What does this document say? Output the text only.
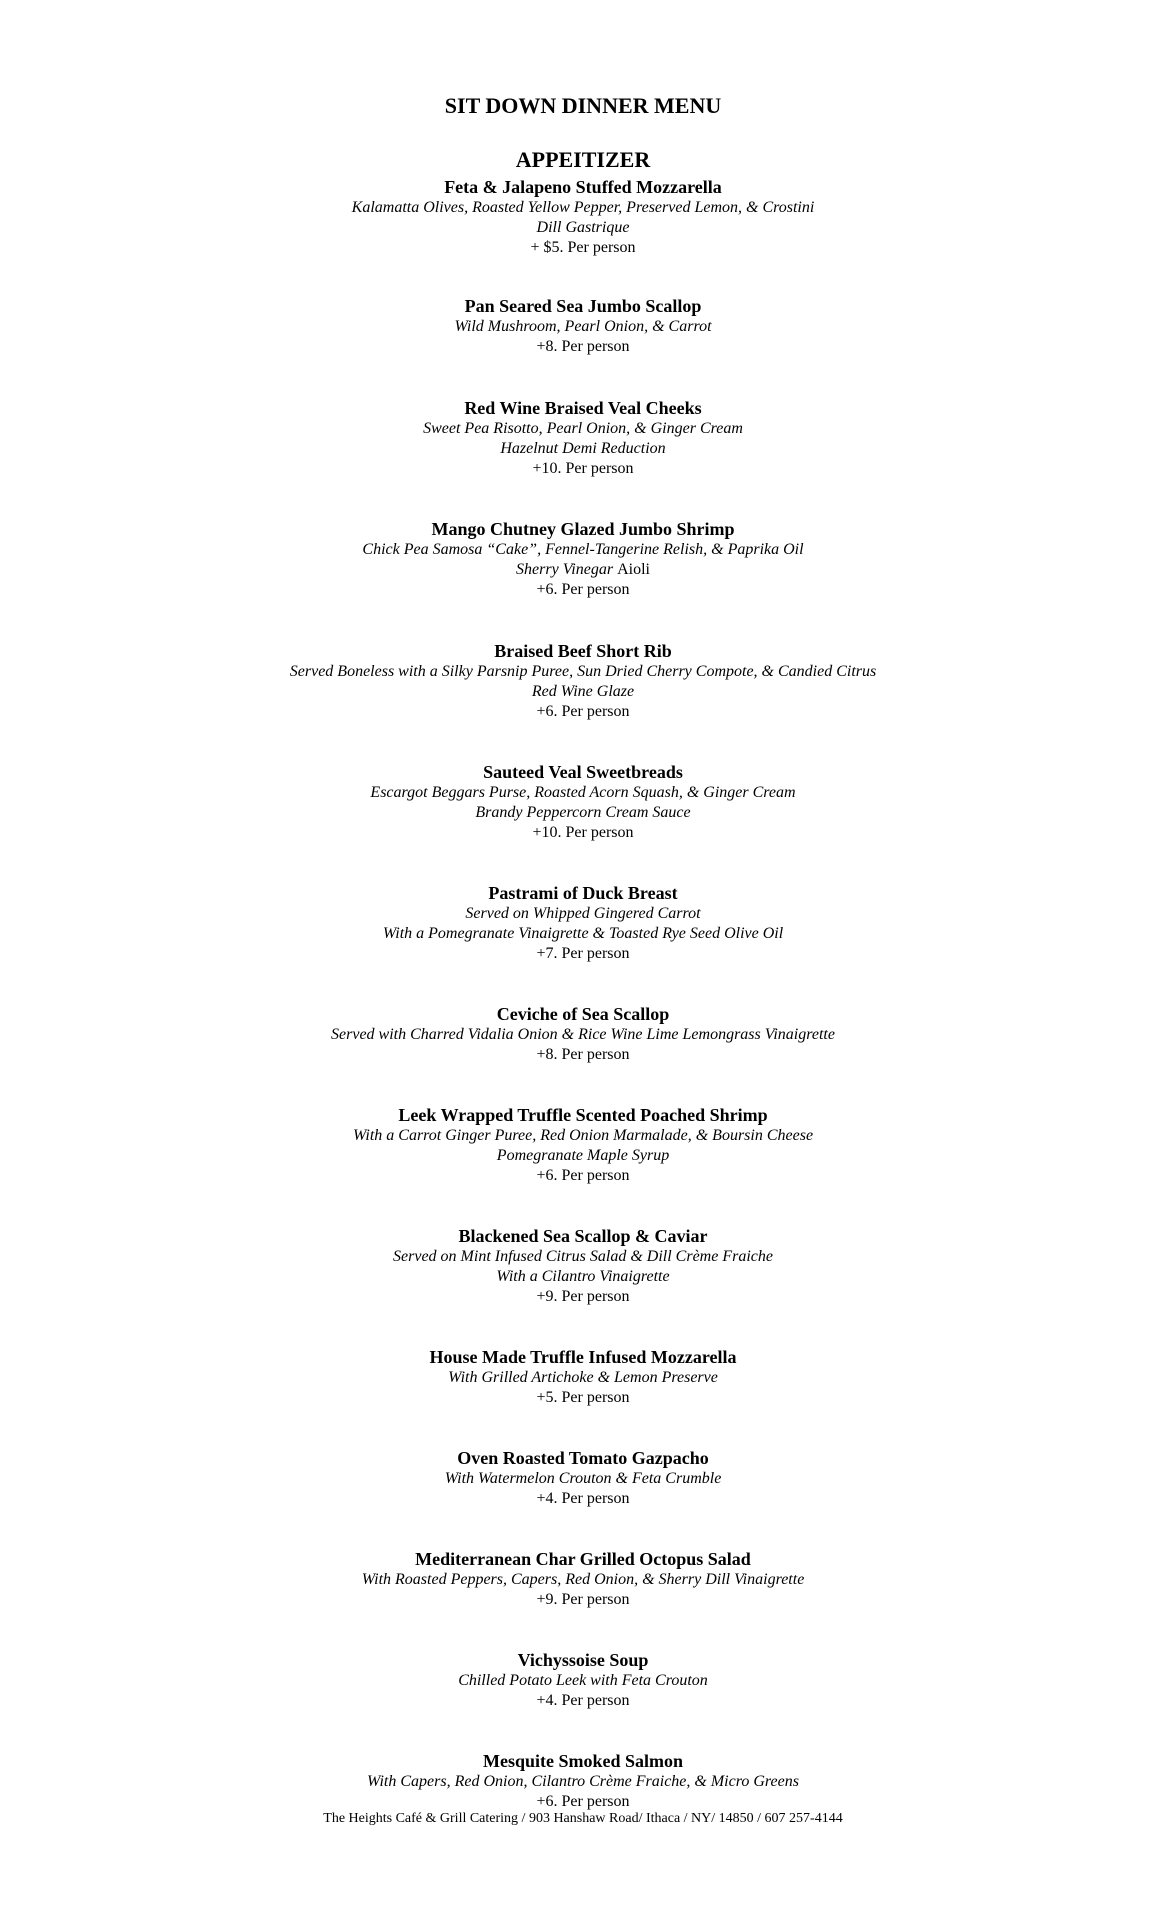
SIT DOWN DINNER MENU
APPEITIZER
Feta & Jalapeno Stuffed Mozzarella
Kalamatta Olives, Roasted Yellow Pepper, Preserved Lemon, & Crostini
Dill Gastrique
+ $5. Per person
Pan Seared Sea Jumbo Scallop
Wild Mushroom, Pearl Onion, & Carrot
+8. Per person
Red Wine Braised Veal Cheeks
Sweet Pea Risotto, Pearl Onion, & Ginger Cream
Hazelnut Demi Reduction
+10. Per person
Mango Chutney Glazed Jumbo Shrimp
Chick Pea Samosa “Cake”, Fennel-Tangerine Relish, & Paprika Oil
Sherry Vinegar Aioli
+6. Per person
Braised Beef Short Rib
Served Boneless with a Silky Parsnip Puree, Sun Dried Cherry Compote, & Candied Citrus
Red Wine Glaze
+6. Per person
Sauteed Veal Sweetbreads
Escargot Beggars Purse, Roasted Acorn Squash, & Ginger Cream
Brandy Peppercorn Cream Sauce
+10. Per person
Pastrami of Duck Breast
Served on Whipped Gingered Carrot
With a Pomegranate Vinaigrette & Toasted Rye Seed Olive Oil
+7. Per person
Ceviche of Sea Scallop
Served with Charred Vidalia Onion & Rice Wine Lime Lemongrass Vinaigrette
+8. Per person
Leek Wrapped Truffle Scented Poached Shrimp
With a Carrot Ginger Puree, Red Onion Marmalade, & Boursin Cheese
Pomegranate Maple Syrup
+6. Per person
Blackened Sea Scallop & Caviar
Served on Mint Infused Citrus Salad & Dill Crème Fraiche
With a Cilantro Vinaigrette
+9. Per person
House Made Truffle Infused Mozzarella
With Grilled Artichoke & Lemon Preserve
+5. Per person
Oven Roasted Tomato Gazpacho
With Watermelon Crouton & Feta Crumble
+4. Per person
Mediterranean Char Grilled Octopus Salad
With Roasted Peppers, Capers, Red Onion, & Sherry Dill Vinaigrette
+9. Per person
Vichyssoise Soup
Chilled Potato Leek with Feta Crouton
+4. Per person
Mesquite Smoked Salmon
With Capers, Red Onion, Cilantro Crème Fraiche, & Micro Greens
+6. Per person
The Heights Café & Grill Catering / 903 Hanshaw Road/ Ithaca / NY/ 14850 / 607 257-4144
